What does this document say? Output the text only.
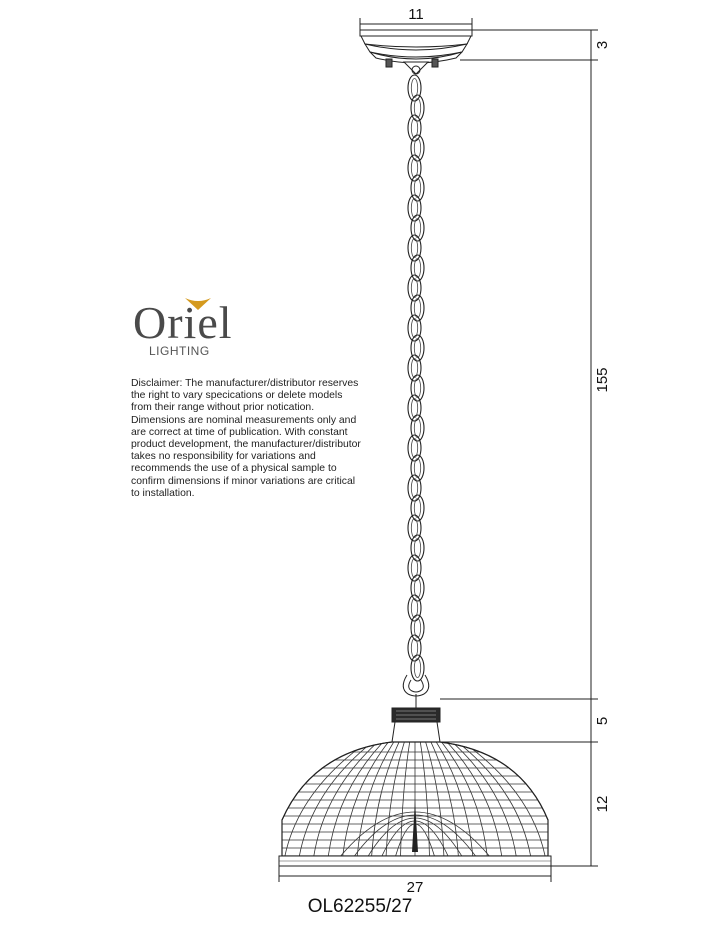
11
3
155
5
12
27
Oriel
LIGHTING

Disclaimer: The manufacturer/distributor reserves the right to vary specications or delete models from their range without prior notication. Dimensions are nominal measurements only and are correct at time of publication. With constant product development, the manufacturer/distributor takes no responsibility for variations and recommends the use of a physical sample to confirm dimensions if minor variations are critical to installation.

OL62255/27
